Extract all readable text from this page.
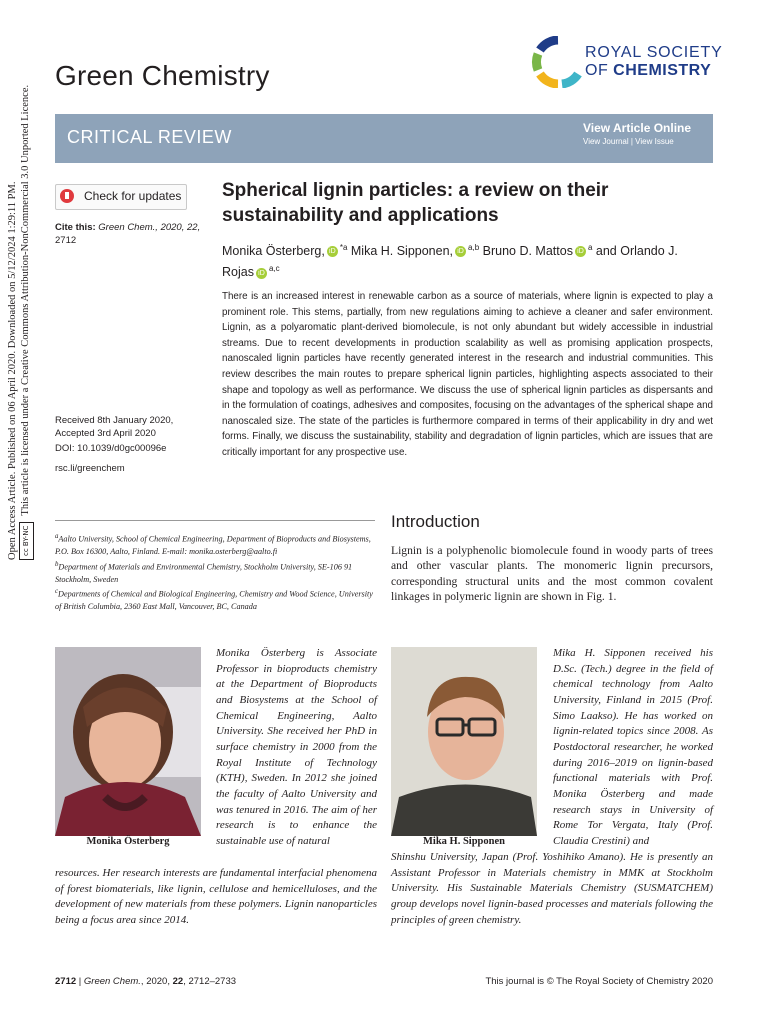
Open Access Article. Published on 06 April 2020. Downloaded on 5/12/2024 1:29:11 PM. cc BY-NCThis article is licensed under a Creative Commons Attribution-NonCommercial 3.0 Unported Licence.
Green Chemistry
ROYAL SOCIETY
OF CHEMISTRY
CRITICAL REVIEW	View Article Online
View Journal | View Issue
Check for updates
Cite this: Green Chem., 2020, 22,
2712
Received 8th January 2020,
Accepted 3rd April 2020
DOI: 10.1039/d0gc00096e
rsc.li/greenchem
Spherical lignin particles: a review on their sustainability and applications
Monika Österberg, iD $^{*a}$ Mika H. Sipponen, iD $^{a,b}$ Bruno D. Mattos iD $^a$ and Orlando J. Rojas iD $^{a,c}$
There is an increased interest in renewable carbon as a source of materials, where lignin is expected to play a prominent role. This stems, partially, from new regulations aiming to achieve a cleaner and safer environment. Lignin, as a polyaromatic plant-derived biomolecule, is not only abundant but widely accessible in industrial streams. Due to recent developments in production scalability as well as promising application prospects, nanoscaled lignin particles have recently generated interest in the research and industrial communities. This review describes the main routes to prepare spherical lignin particles, highlighting aspects associated to their shape and topology as well as performance. We discuss the use of spherical lignin particles as dispersants and in the formulation of coatings, adhesives and composites, focusing on the advantages of the spherical shape and nanoscaled size. The state of the particles is furthermore compared in terms of their applicability in dry and wet forms. Finally, we discuss the sustainability, stability and degradation of lignin particles, which are issues that are critically important for any prospective use.

$^a$Aalto University, School of Chemical Engineering, Department of Bioproducts and Biosystems, P.O. Box 16300, Aalto, Finland. E-mail: monika.osterberg@aalto.fi

$^b$Department of Materials and Environmental Chemistry, Stockholm University, SE-106 91 Stockholm, Sweden

$^c$Departments of Chemical and Biological Engineering, Chemistry and Wood Science, University of British Columbia, 2360 East Mall, Vancouver, BC, Canada

Introduction
Lignin is a polyphenolic biomolecule found in woody parts of trees and other vascular plants. The monomeric lignin precursors, corresponding structural units and the most common covalent linkages in polymeric lignin are shown in Fig. 1.
Monika Österberg
Monika Österberg is Associate Professor in bioproducts chemistry at the Department of Bioproducts and Biosystems at the School of Chemical Engineering, Aalto University. She received her PhD in surface chemistry in 2000 from the Royal Institute of Technology (KTH), Sweden. In 2012 she joined the faculty of Aalto University and was tenured in 2016. The aim of her research is to enhance the sustainable use of natural
resources. Her research interests are fundamental interfacial phenomena of forest biomaterials, like lignin, cellulose and hemicelluloses, and the development of new materials from these polymers. Lignin nanoparticles being a focus area since 2014.
Mika H. Sipponen
Mika H. Sipponen received his D.Sc. (Tech.) degree in the field of chemical technology from Aalto University, Finland in 2015 (Prof. Simo Laakso). He has worked on lignin-related topics since 2008. As Postdoctoral researcher, he worked during 2016–2019 on lignin-based functional materials with Prof. Monika Österberg and made research stays in University of Rome Tor Vergata, Italy (Prof. Claudia Crestini) and
Shinshu University, Japan (Prof. Yoshihiko Amano). He is presently an Assistant Professor in Materials chemistry in MMK at Stockholm University. His Sustainable Materials Chemistry (SUSMATCHEM) group develops novel lignin-based processes and materials following the principles of green chemistry.
2712 | Green Chem., 2020, 22, 2712–2733	This journal is © The Royal Society of Chemistry 2020
